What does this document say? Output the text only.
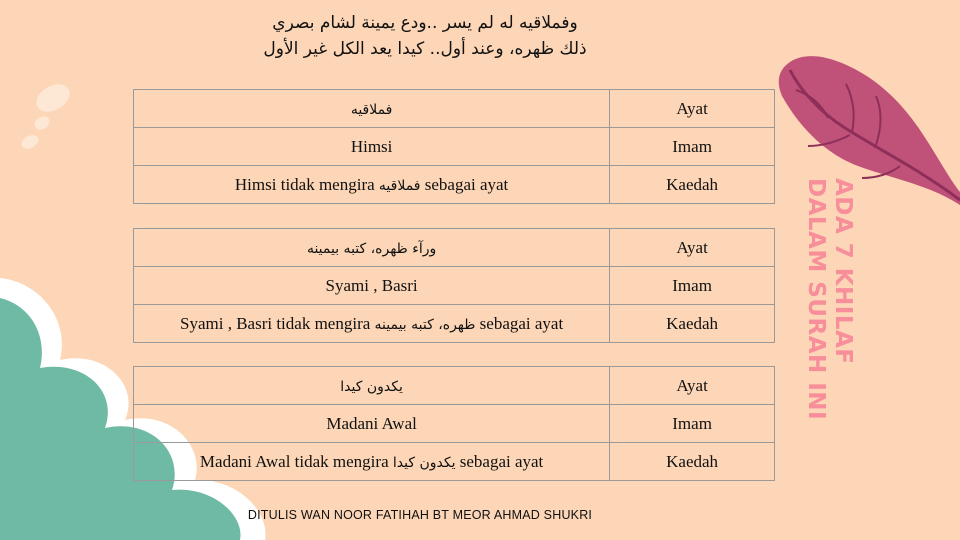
وفملاقيه له لم يسر ..ودع يمينة لشام بصري
ذلك ظهره، وعند أول.. كيدا يعد الكل غير الأول
فملاقيه	Ayat
Himsi	Imam
Himsi tidak mengira فملاقيه sebagai ayat	Kaedah
ورآء ظهره، كتبه بيمينه	Ayat
Syami , Basri	Imam
Syami , Basri tidak mengira ظهره، كتبه بيمينه sebagai ayat	Kaedah
يكدون كيدا	Ayat
Madani Awal	Imam
Madani Awal tidak mengira يكدون كيدا sebagai ayat	Kaedah
ADA 7 KHILAF
DALAM SURAH INI
DITULIS WAN NOOR FATIHAH BT MEOR AHMAD SHUKRI
